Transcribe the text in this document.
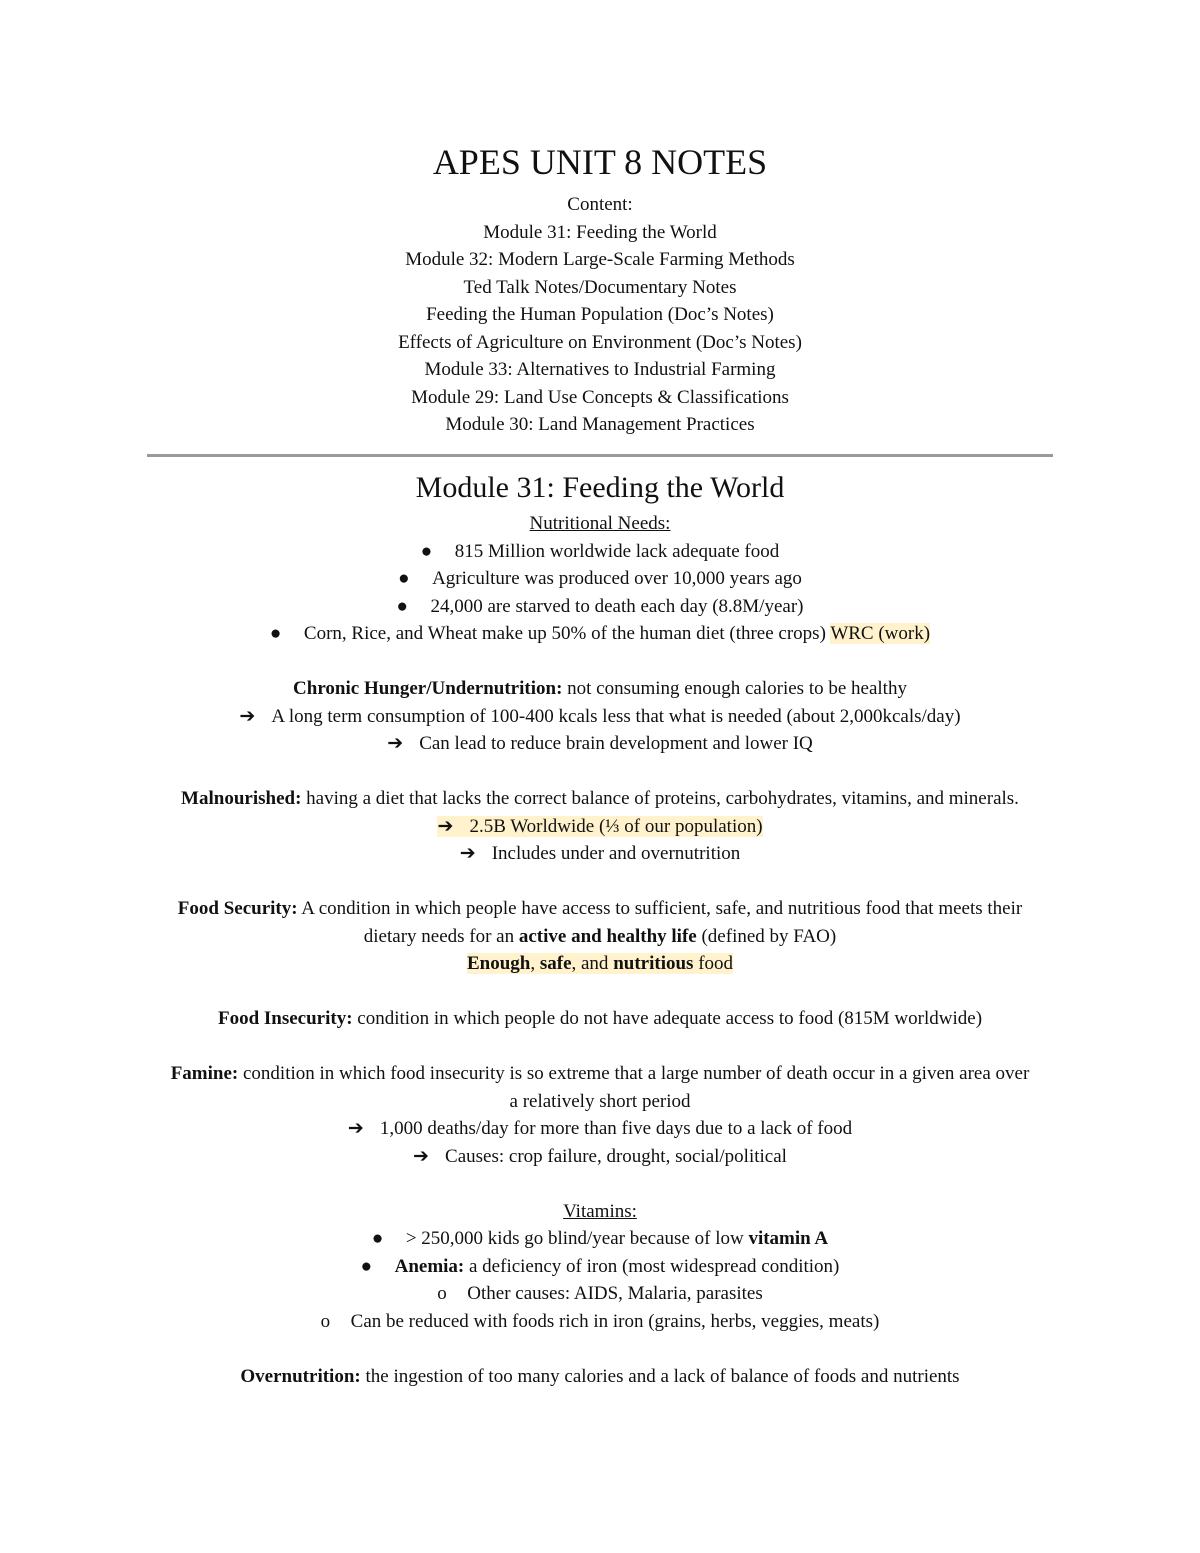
APES UNIT 8 NOTES
Content:
Module 31: Feeding the World
Module 32: Modern Large-Scale Farming Methods
Ted Talk Notes/Documentary Notes
Feeding the Human Population (Doc’s Notes)
Effects of Agriculture on Environment (Doc’s Notes)
Module 33: Alternatives to Industrial Farming
Module 29: Land Use Concepts & Classifications
Module 30: Land Management Practices
Module 31: Feeding the World
Nutritional Needs:
● 815 Million worldwide lack adequate food
● Agriculture was produced over 10,000 years ago
● 24,000 are starved to death each day (8.8M/year)
● Corn, Rice, and Wheat make up 50% of the human diet (three crops) WRC (work)
Chronic Hunger/Undernutrition: not consuming enough calories to be healthy
➔ A long term consumption of 100-400 kcals less that what is needed (about 2,000kcals/day)
➔ Can lead to reduce brain development and lower IQ
Malnourished: having a diet that lacks the correct balance of proteins, carbohydrates, vitamins, and minerals.
➔ 2.5B Worldwide (⅓ of our population)
➔ Includes under and overnutrition
Food Security: A condition in which people have access to sufficient, safe, and nutritious food that meets their
dietary needs for an active and healthy life (defined by FAO)
Enough, safe, and nutritious food
Food Insecurity: condition in which people do not have adequate access to food (815M worldwide)
Famine: condition in which food insecurity is so extreme that a large number of death occur in a given area over
a relatively short period
➔ 1,000 deaths/day for more than five days due to a lack of food
➔ Causes: crop failure, drought, social/political
Vitamins:
● > 250,000 kids go blind/year because of low vitamin A
● Anemia: a deficiency of iron (most widespread condition)
o Other causes: AIDS, Malaria, parasites
o Can be reduced with foods rich in iron (grains, herbs, veggies, meats)
Overnutrition: the ingestion of too many calories and a lack of balance of foods and nutrients
